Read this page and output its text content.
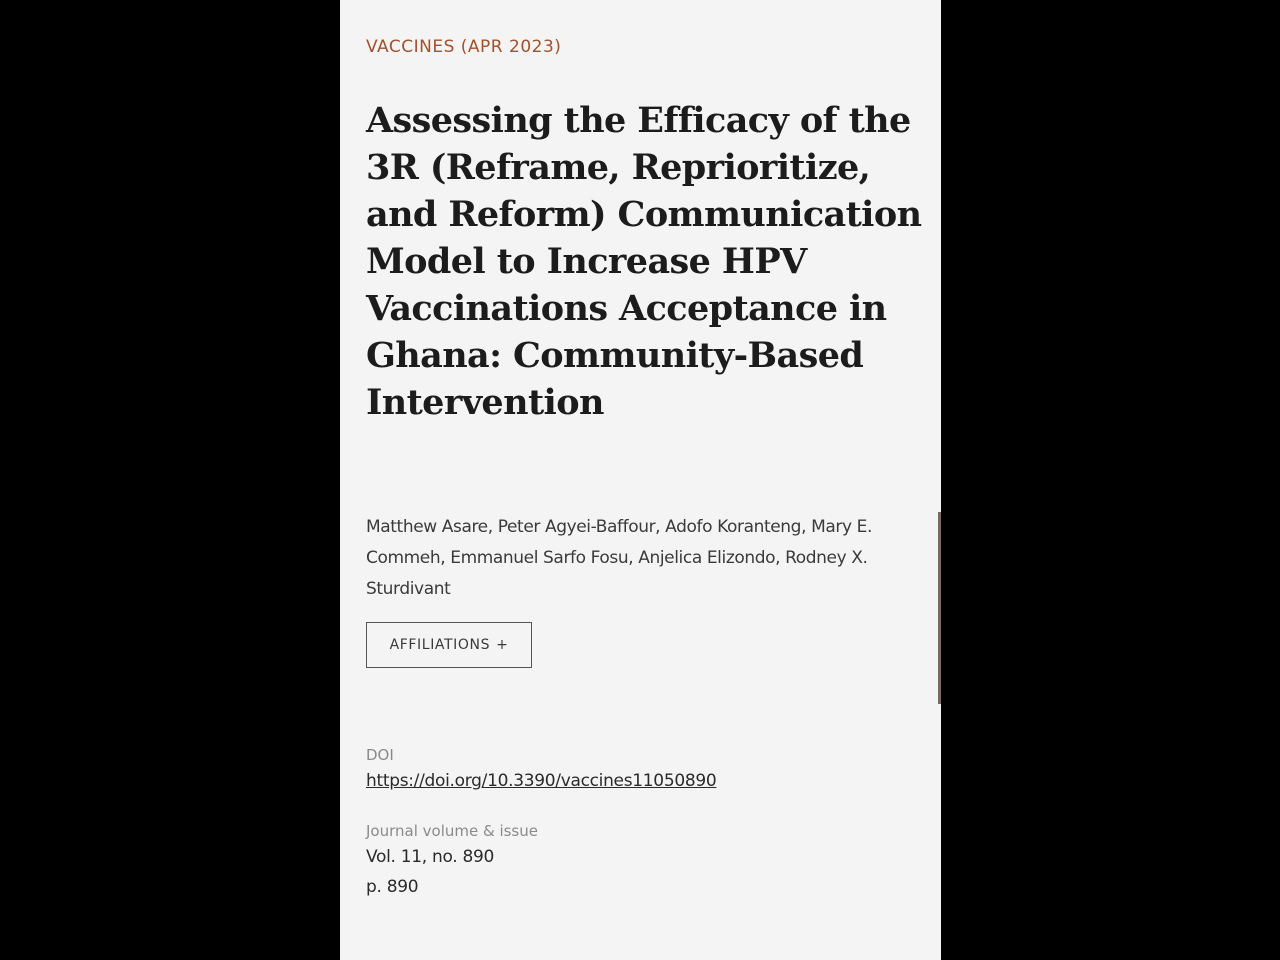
VACCINES (APR 2023)

Assessing the Efficacy of the 3R (Reframe, Reprioritize, and Reform) Communication Model to Increase HPV Vaccinations Acceptance in Ghana: Community-Based Intervention

Matthew Asare, Peter Agyei-Baffour, Adofo Koranteng, Mary E. Commeh, Emmanuel Sarfo Fosu, Anjelica Elizondo, Rodney X. Sturdivant

AFFILIATIONS +

DOI

https://doi.org/10.3390/vaccines11050890

Journal volume & issue

Vol. 11, no. 890

p. 890
